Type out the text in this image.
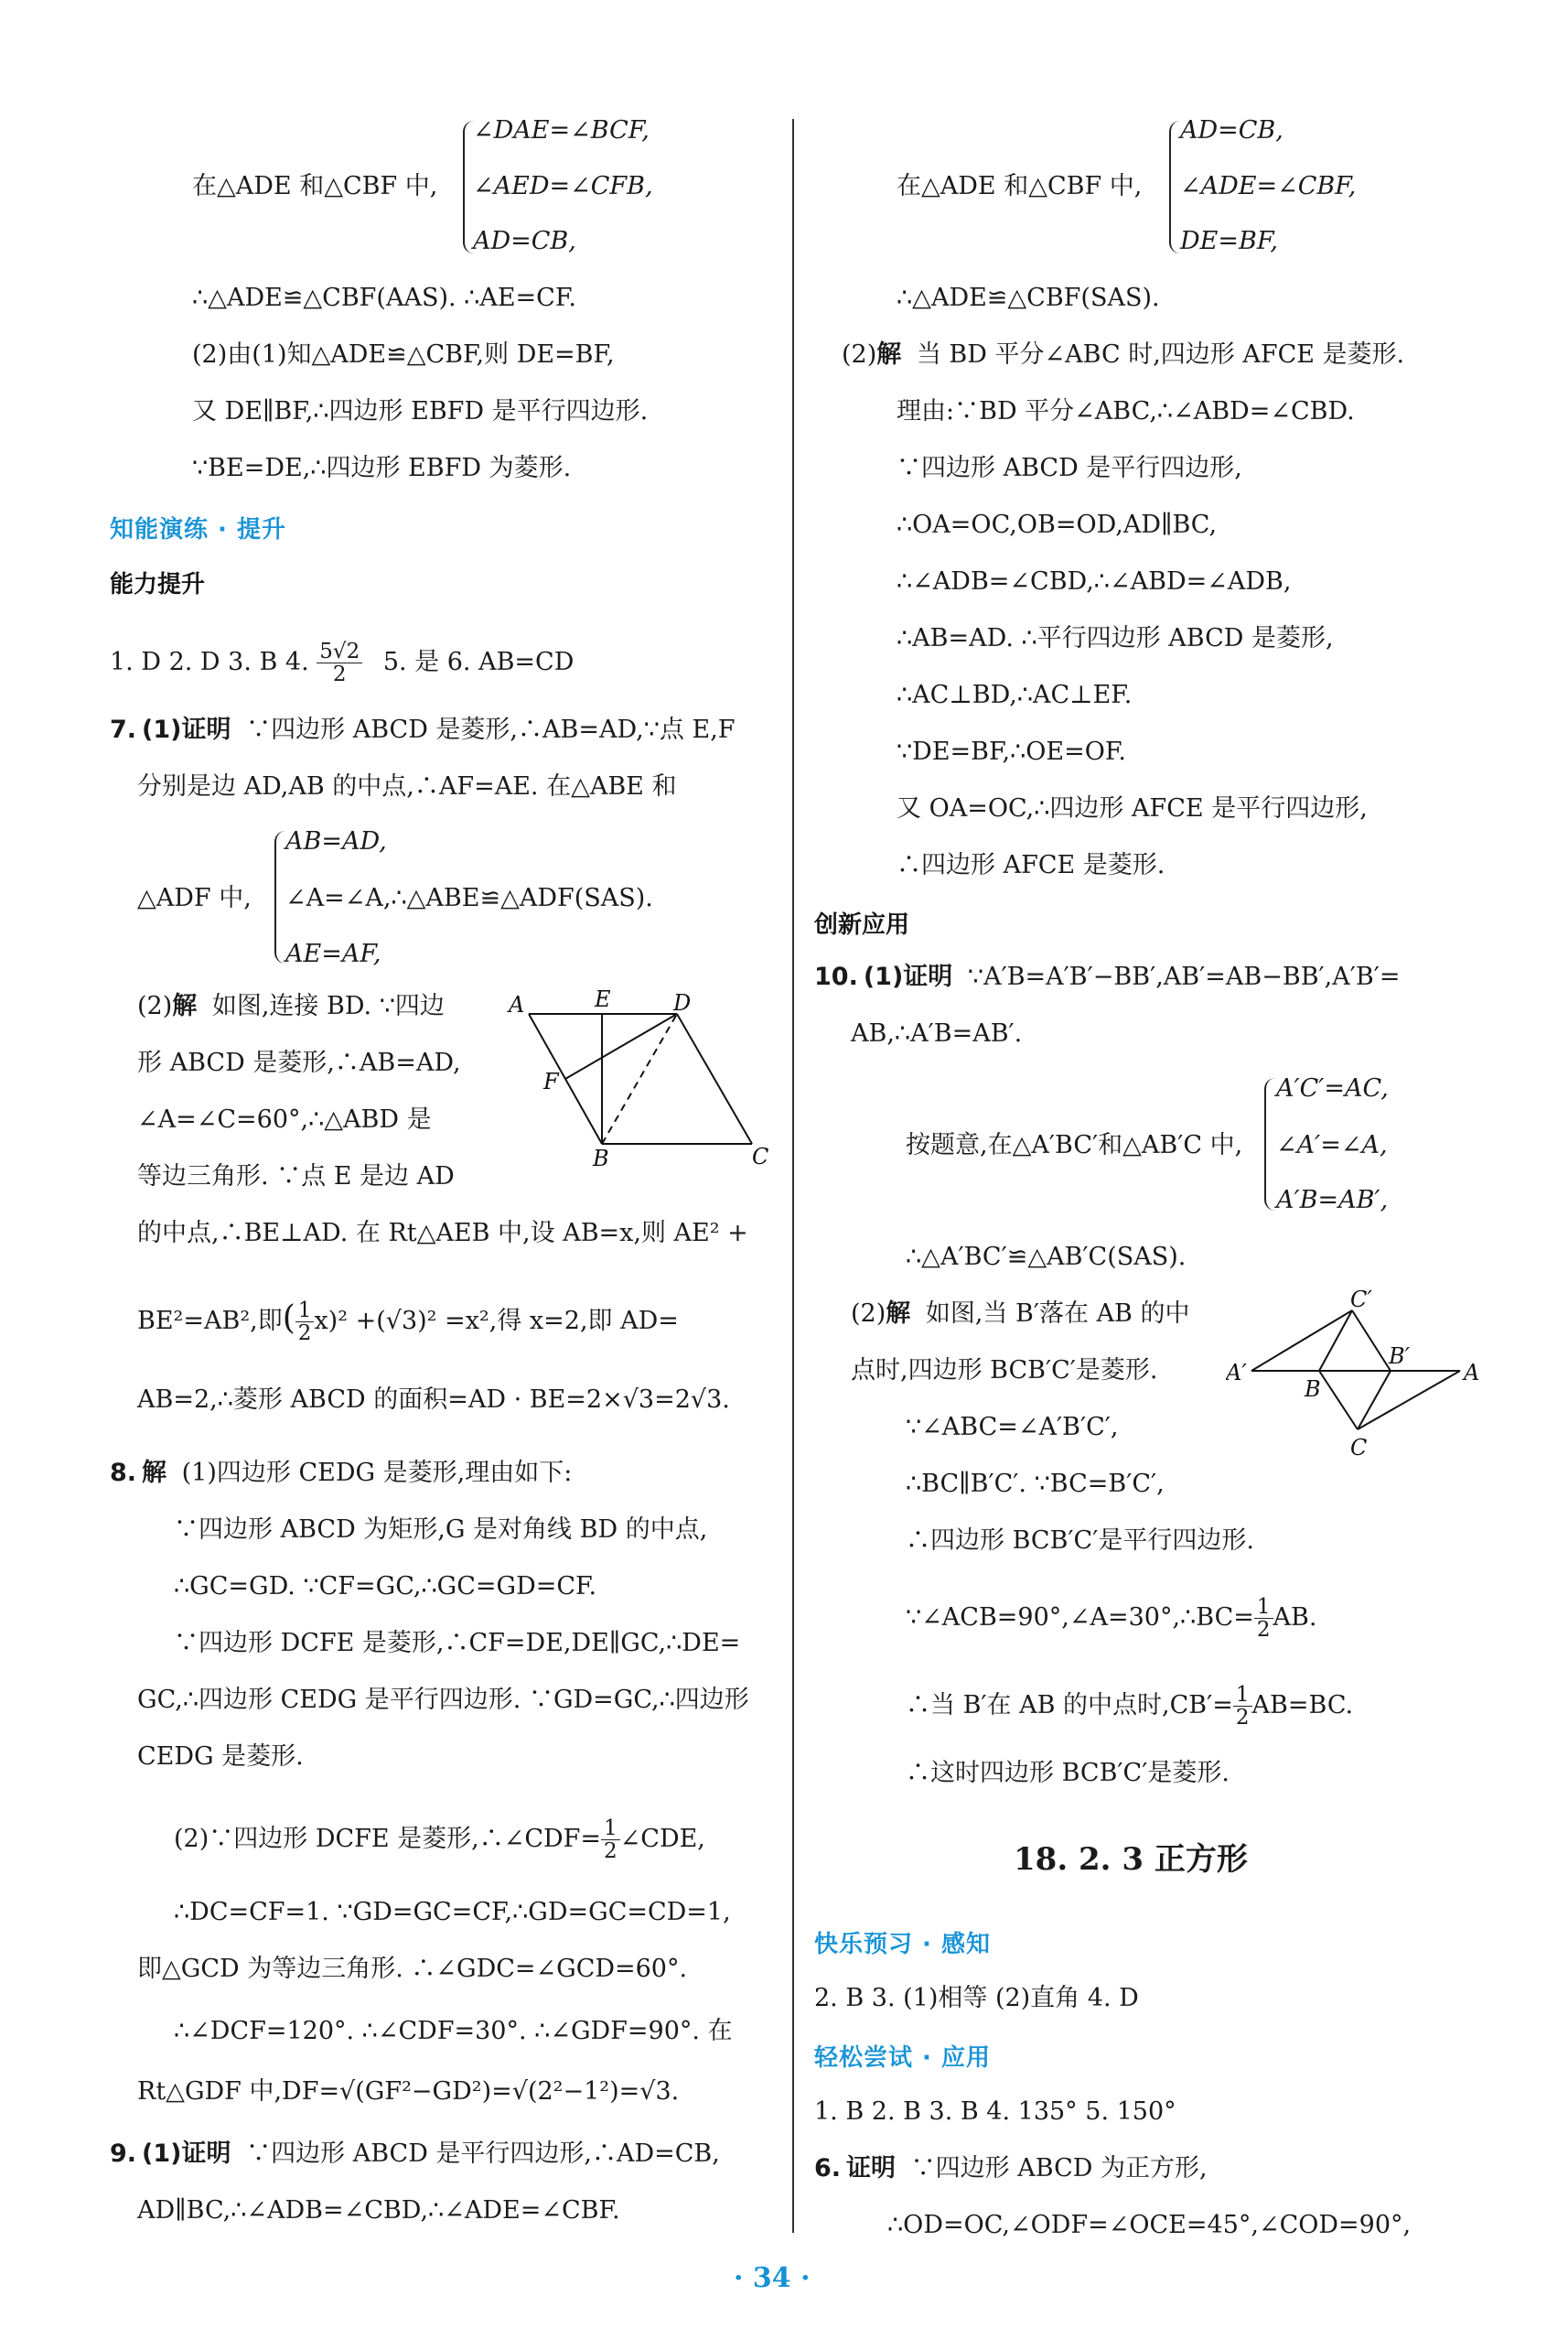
∠DAE=∠BCF,
在△ADE 和△CBF 中, ∠AED=∠CFB,
AD=CB,
∴△ADE≌△CBF(AAS). ∴AE=CF.
(2)由(1)知△ADE≌△CBF,则 DE=BF,
又 DE∥BF,∴四边形 EBFD 是平行四边形.
∵BE=DE,∴四边形 EBFD 为菱形.
知能演练 · 提升
能力提升
1. D 2. D 3. B 4. $\frac{5√2}{2} 5$. 是 6. AB=CD
7. (1)证明 ∵四边形 ABCD 是菱形,∴AB=AD,∵点 E,F
分别是边 AD,AB 的中点,∴AF=AE. 在△ABE 和
AB=AD,
△ADF 中, ∠A=∠A,∴△ABE≌△ADF(SAS).
AE=AF,
(2)解 如图,连接 BD. ∵四边
形 ABCD 是菱形,∴AB=AD,
∠A=∠C=60°,∴△ABD 是
等边三角形. ∵点 E 是边 AD
A	E	D
F
B	C
的中点,∴BE⊥AD. 在 Rt△AEB 中,设 AB=x,则 AE² +
BE²=AB²,即( $\frac{1}{2} x)^2 +(√3)^2 =x^2$,得 x=2,即 AD=
AB=2,∴菱形 ABCD 的面积=AD · BE=2×√3=2√3.
8. 解 (1)四边形 CEDG 是菱形,理由如下:
∵四边形 ABCD 为矩形,G 是对角线 BD 的中点,
∴GC=GD. ∵CF=GC,∴GC=GD=CF.
∵四边形 DCFE 是菱形,∴CF=DE,DE∥GC,∴DE=
GC,∴四边形 CEDG 是平行四边形. ∵GD=GC,∴四边形
CEDG 是菱形.
(2)∵四边形 DCFE 是菱形,∴∠CDF= $\frac{1}{2}$ ∠CDE,
∴DC=CF=1. ∵GD=GC=CF,∴GD=GC=CD=1,
即△GCD 为等边三角形. ∴∠GDC=∠GCD=60°.
∴∠DCF=120°. ∴∠CDF=30°. ∴∠GDF=90°. 在
Rt△GDF 中,DF=√(GF²−GD²)=√(2²−1²)=√3.
9. (1)证明 ∵四边形 ABCD 是平行四边形,∴AD=CB,
AD∥BC,∴∠ADB=∠CBD,∴∠ADE=∠CBF.
AD=CB,
在△ADE 和△CBF 中, ∠ADE=∠CBF,
DE=BF,
∴△ADE≌△CBF(SAS).
(2)解 当 BD 平分∠ABC 时,四边形 AFCE 是菱形.
理由:∵BD 平分∠ABC,∴∠ABD=∠CBD.
∵四边形 ABCD 是平行四边形,
∴OA=OC,OB=OD,AD∥BC,
∴∠ADB=∠CBD,∴∠ABD=∠ADB,
∴AB=AD. ∴平行四边形 ABCD 是菱形,
∴AC⊥BD,∴AC⊥EF.
∵DE=BF,∴OE=OF.
又 OA=OC,∴四边形 AFCE 是平行四边形,
∴四边形 AFCE 是菱形.
创新应用
10. (1)证明 ∵A′B=A′B′−BB′,AB′=AB−BB′,A′B′=
AB,∴A′B=AB′.
A′C′=AC,
按题意,在△A′BC′和△AB′C 中, ∠A′=∠A,
A′B=AB′,
∴△A′BC′≌△AB′C(SAS).
(2)解 如图,当 B′落在 AB 的中
点时,四边形 BCB′C′是菱形.
C′
A′
B′
B
A
C
∵∠ABC=∠A′B′C′,
∴BC∥B′C′. ∵BC=B′C′,
∴四边形 BCB′C′是平行四边形.
∵∠ACB=90°,∠A=30°,∴BC= $\frac{1}{2}$ AB.
∴当 B′在 AB 的中点时$,CB'= \frac{1}{2} AB=BC$.
∴这时四边形 BCB′C′是菱形.
18. 2. 3 正方形
快乐预习 · 感知
2. B 3. (1)相等 (2)直角 4. D
轻松尝试 · 应用
1. B 2. B 3. B 4. 135° 5. 150°
6. 证明 ∵四边形 ABCD 为正方形,
∴OD=OC,∠ODF=∠OCE=45°,∠COD=90°,
· 34 ·
